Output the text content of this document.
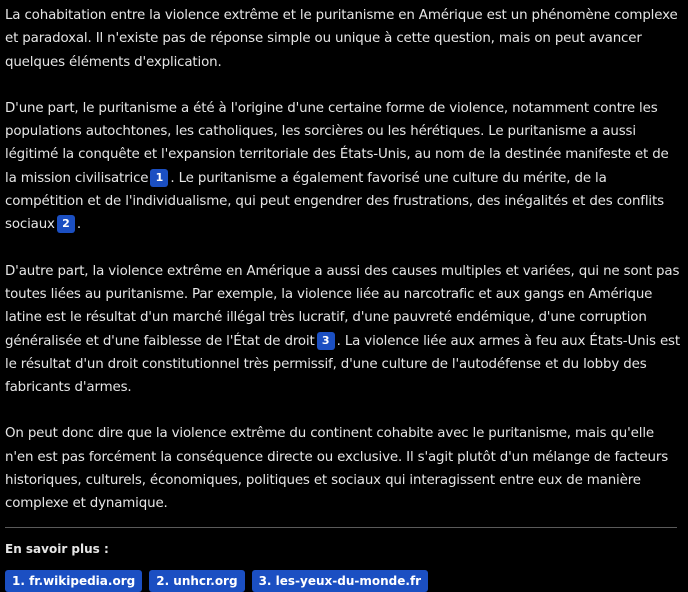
La cohabitation entre la violence extrême et le puritanisme en Amérique est un phénomène complexe et paradoxal. Il n'existe pas de réponse simple ou unique à cette question, mais on peut avancer quelques éléments d'explication.

D'une part, le puritanisme a été à l'origine d'une certaine forme de violence, notamment contre les populations autochtones, les catholiques, les sorcières ou les hérétiques. Le puritanisme a aussi légitimé la conquête et l'expansion territoriale des États-Unis, au nom de la destinée manifeste et de la mission civilisatrice 1 . Le puritanisme a également favorisé une culture du mérite, de la compétition et de l'individualisme, qui peut engendrer des frustrations, des inégalités et des conflits sociaux 2 .

D'autre part, la violence extrême en Amérique a aussi des causes multiples et variées, qui ne sont pas toutes liées au puritanisme. Par exemple, la violence liée au narcotrafic et aux gangs en Amérique latine est le résultat d'un marché illégal très lucratif, d'une pauvreté endémique, d'une corruption généralisée et d'une faiblesse de l'État de droit 3 . La violence liée aux armes à feu aux États-Unis est le résultat d'un droit constitutionnel très permissif, d'une culture de l'autodéfense et du lobby des fabricants d'armes.

On peut donc dire que la violence extrême du continent cohabite avec le puritanisme, mais qu'elle n'en est pas forcément la conséquence directe ou exclusive. Il s'agit plutôt d'un mélange de facteurs historiques, culturels, économiques, politiques et sociaux qui interagissent entre eux de manière complexe et dynamique.

En savoir plus :
1. fr.wikipedia.org	2. unhcr.org	3. les-yeux-du-monde.fr
